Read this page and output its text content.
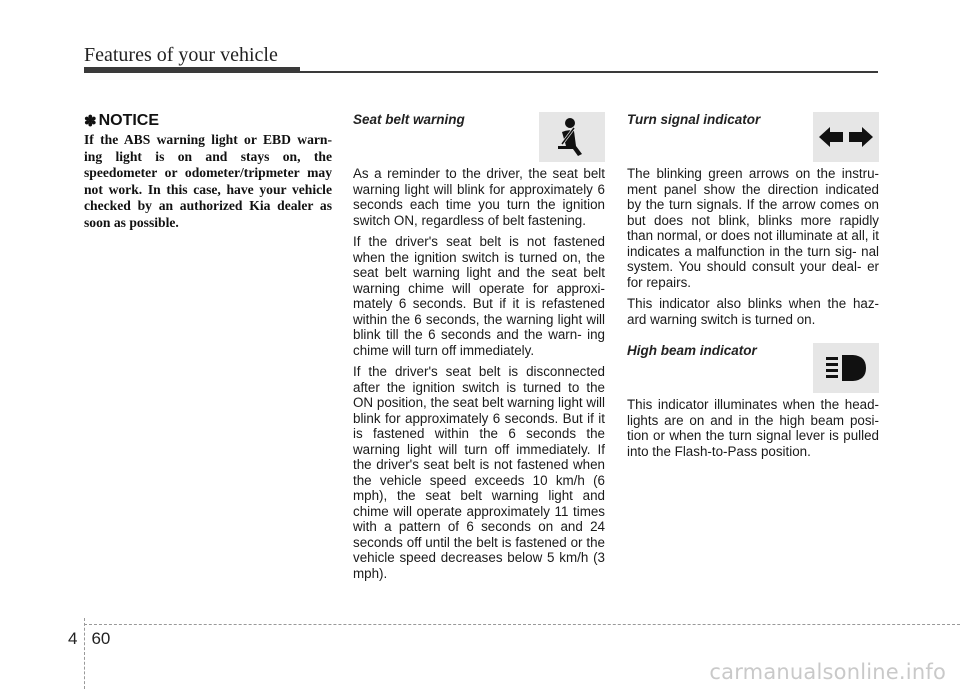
Features of your vehicle
✽ NOTICE

If the ABS warning light or EBD warn- ing light is on and stays on, the speedometer or odometer/tripmeter may not work. In this case, have your vehicle checked by an authorized Kia dealer as soon as possible.

Seat belt warning

As a reminder to the driver, the seat belt warning light will blink for approximately 6 seconds each time you turn the ignition switch ON, regardless of belt fastening.

If the driver's seat belt is not fastened when the ignition switch is turned on, the seat belt warning light and the seat belt warning chime will operate for approxi- mately 6 seconds. But if it is refastened within the 6 seconds, the warning light will blink till the 6 seconds and the warn- ing chime will turn off immediately.

If the driver's seat belt is disconnected after the ignition switch is turned to the ON position, the seat belt warning light will blink for approximately 6 seconds. But if it is fastened within the 6 seconds the warning light will turn off immediately. If the driver's seat belt is not fastened when the vehicle speed exceeds 10 km/h (6 mph), the seat belt warning light and chime will operate approximately 11 times with a pattern of 6 seconds on and 24 seconds off until the belt is fastened or the vehicle speed decreases below 5 km/h (3 mph).

Turn signal indicator

The blinking green arrows on the instru- ment panel show the direction indicated by the turn signals. If the arrow comes on but does not blink, blinks more rapidly than normal, or does not illuminate at all, it indicates a malfunction in the turn sig- nal system. You should consult your deal- er for repairs.

This indicator also blinks when the haz- ard warning switch is turned on.

High beam indicator

This indicator illuminates when the head- lights are on and in the high beam posi- tion or when the turn signal lever is pulled into the Flash-to-Pass position.

4 60
carmanualsonline.info
